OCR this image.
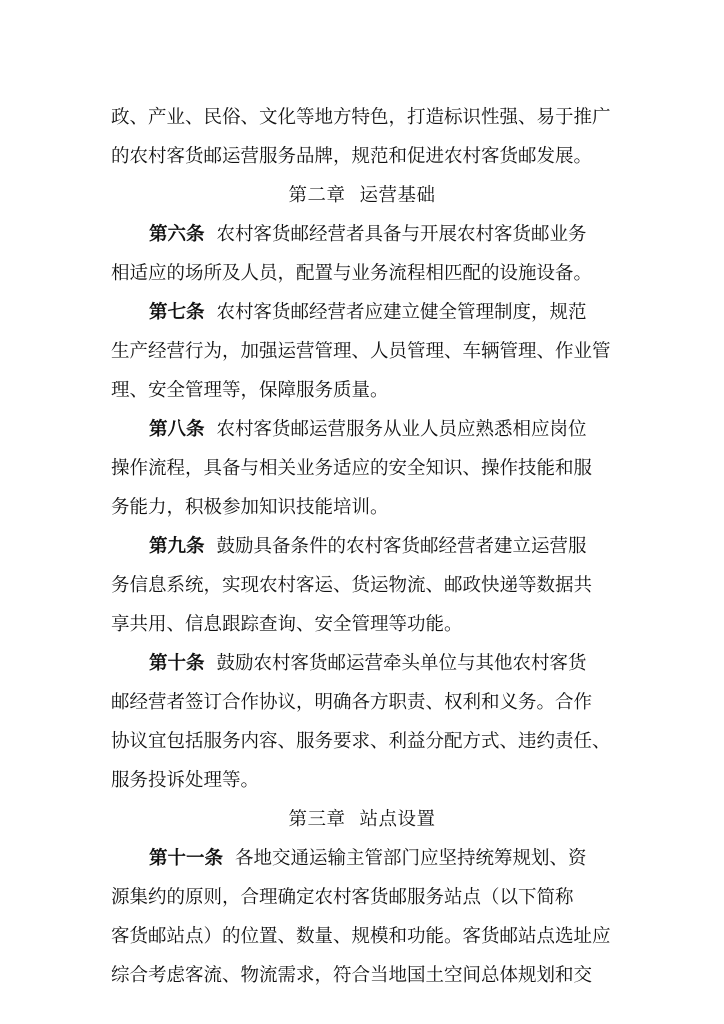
政、产业、民俗、文化等地方特色，打造标识性强、易于推广
的农村客货邮运营服务品牌，规范和促进农村客货邮发展。
第二章 运营基础
第六条 农村客货邮经营者具备与开展农村客货邮业务
相适应的场所及人员，配置与业务流程相匹配的设施设备。
第七条 农村客货邮经营者应建立健全管理制度，规范
生产经营行为，加强运营管理、人员管理、车辆管理、作业管
理、安全管理等，保障服务质量。
第八条 农村客货邮运营服务从业人员应熟悉相应岗位
操作流程，具备与相关业务适应的安全知识、操作技能和服
务能力，积极参加知识技能培训。
第九条 鼓励具备条件的农村客货邮经营者建立运营服
务信息系统，实现农村客运、货运物流、邮政快递等数据共
享共用、信息跟踪查询、安全管理等功能。
第十条 鼓励农村客货邮运营牵头单位与其他农村客货
邮经营者签订合作协议，明确各方职责、权利和义务。合作
协议宜包括服务内容、服务要求、利益分配方式、违约责任、
服务投诉处理等。
第三章 站点设置
第十一条 各地交通运输主管部门应坚持统筹规划、资
源集约的原则，合理确定农村客货邮服务站点（以下简称
客货邮站点）的位置、数量、规模和功能。客货邮站点选址应
综合考虑客流、物流需求，符合当地国土空间总体规划和交
